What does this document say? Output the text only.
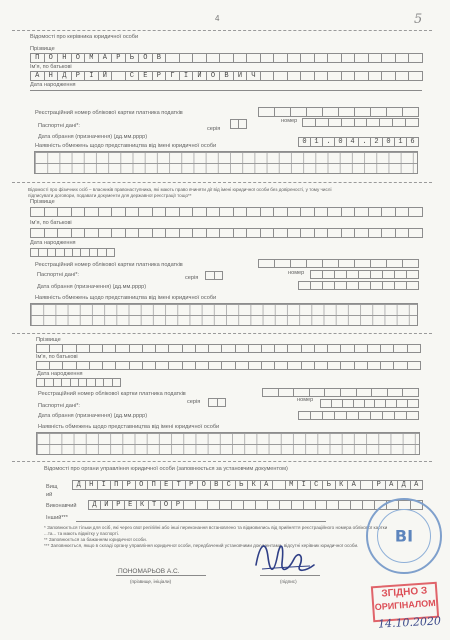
4	5
Відомості про керівника юридичної особи
Прізвище
П	О	Н	О	М	А	Р	Ь	О	В
Ім'я, по батькові
А	Н	Д	Р	І	Й	С	Е	Р	Г	І	Й	О	В	И	Ч
Дата народження
Реєстраційний номер облікової картки платника податків
Паспортні дані*:	серія
номер
Дата обрання (призначення) (дд.мм.рррр)
0	1	.	0	4	.	2	0	1	6
Наявність обмежень щодо представництва від імені юридичної особи
Відомості про фізичних осіб – власників правонаступника, які мають право вчиняти дії від імені юридичної особи без довіреності, у тому числі
підписувати договори, подавати документи для державної реєстрації тощо**
Прізвище
Ім'я, по батькові
Дата народження
Реєстраційний номер облікової картки платника податків
Паспортні дані*:	серія
номер
Дата обрання (призначення) (дд.мм.рррр)
Наявність обмежень щодо представництва від імені юридичної особи
Прізвище
Ім'я, по батькові
Дата народження
Реєстраційний номер облікової картки платника податків
Паспортні дані*:
серія	номер
Дата обрання (призначення) (дд.мм.рррр)
Наявність обмежень щодо представництва від імені юридичної особи
Відомості про органи управління юридичної особи (заповнюється за установчим документом)
Вищ
ий
Д	Н	І	П	Р	О	П	Е	Т	Р	О	В	С	Ь	К	А	М	І	С	Ь	К	А	Р	А	Д	А
Виконавчий	Д	И	Р	Е	К	Т	О	Р
Інший***
* Заповнюється тільки для осіб, які через свої релігійні або інші переконання встановлено та відмовились від прийняття реєстраційного номера облікової картки
...та... та мають відмітку у паспорті.
** Заповнюється за бажанням юридичної особи.
*** Заповнюється, якщо в складі органу управління юридичної особи, передбачений установчими документами, відсутні керівник юридичної особи.
ПОНОМАРЬОВ А.С.
(прізвище, ініціали)	(підпис)
ВІ
ЗГІДНО З
ОРИГІНАЛОМ
14.10.2020
